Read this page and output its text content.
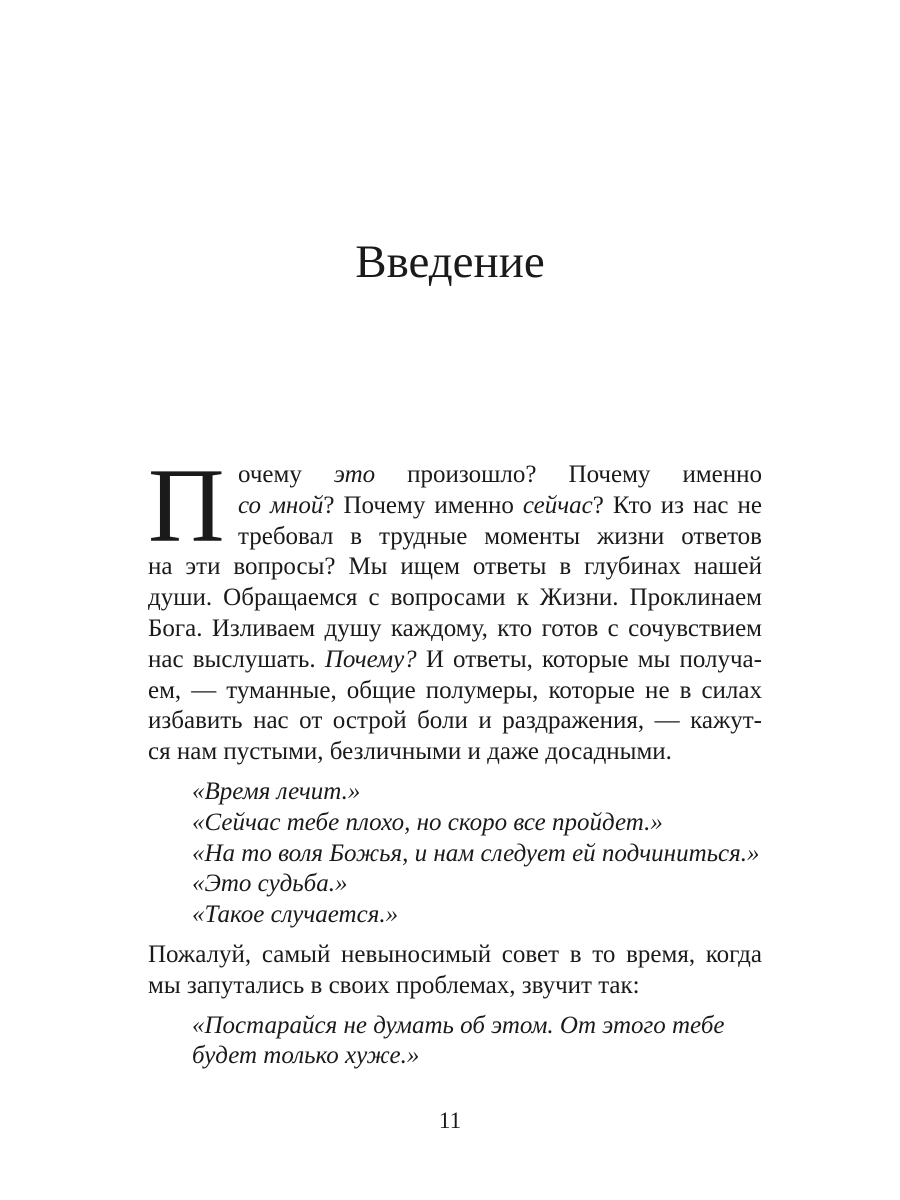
Введение
П очему это произошло? Почему именно
со мной? Почему именно сейчас? Кто из нас не
требовал в трудные моменты жизни ответов
на эти вопросы? Мы ищем ответы в глубинах нашей
души. Обращаемся с вопросами к Жизни. Проклинаем
Бога. Изливаем душу каждому, кто готов с сочувствием
нас выслушать. Почему? И ответы, которые мы получа-
ем, — туманные, общие полумеры, которые не в силах
избавить нас от острой боли и раздражения, — кажут-
ся нам пустыми, безличными и даже досадными.
«Время лечит.»
«Сейчас тебе плохо, но скоро все пройдет.»
«На то воля Божья, и нам следует ей подчиниться.»
«Это судьба.»
«Такое случается.»
Пожалуй, самый невыносимый совет в то время, когда
мы запутались в своих проблемах, звучит так:
«Постарайся не думать об этом. От этого тебе
будет только хуже.»
11
